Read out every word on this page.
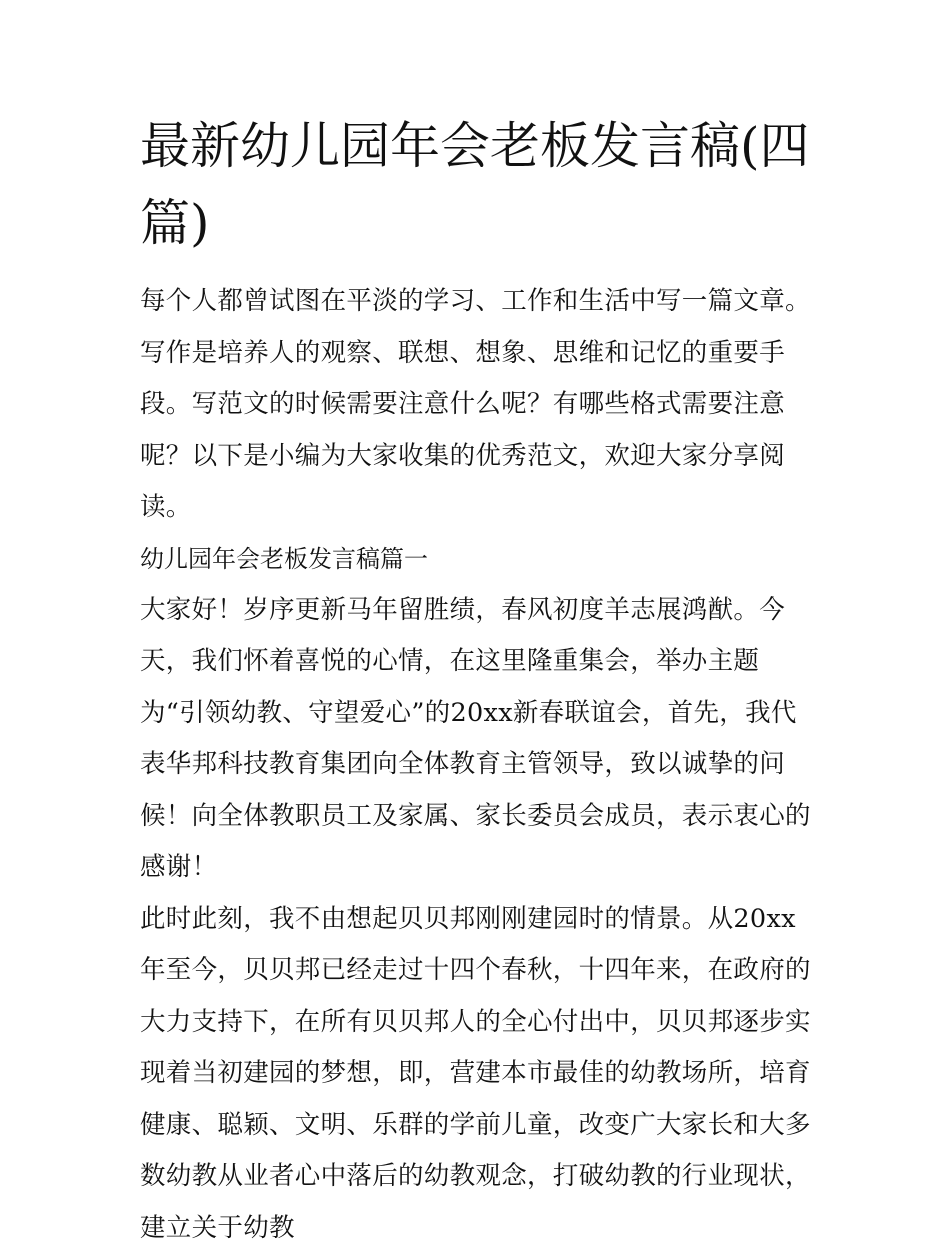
最新幼儿园年会老板发言稿(四篇)

每个人都曾试图在平淡的学习、工作和生活中写一篇文章。写作是培养人的观察、联想、想象、思维和记忆的重要手段。写范文的时候需要注意什么呢？有哪些格式需要注意呢？以下是小编为大家收集的优秀范文，欢迎大家分享阅读。

幼儿园年会老板发言稿篇一

大家好！岁序更新马年留胜绩，春风初度羊志展鸿猷。今天，我们怀着喜悦的心情，在这里隆重集会，举办主题为“引领幼教、守望爱心”的20xx新春联谊会，首先，我代表华邦科技教育集团向全体教育主管领导，致以诚挚的问候！向全体教职员工及家属、家长委员会成员，表示衷心的感谢！

此时此刻，我不由想起贝贝邦刚刚建园时的情景。从20xx年至今，贝贝邦已经走过十四个春秋，十四年来，在政府的大力支持下，在所有贝贝邦人的全心付出中，贝贝邦逐步实现着当初建园的梦想，即，营建本市最佳的幼教场所，培育健康、聪颖、文明、乐群的学前儿童，改变广大家长和大多数幼教从业者心中落后的幼教观念，打破幼教的行业现状，建立关于幼教
